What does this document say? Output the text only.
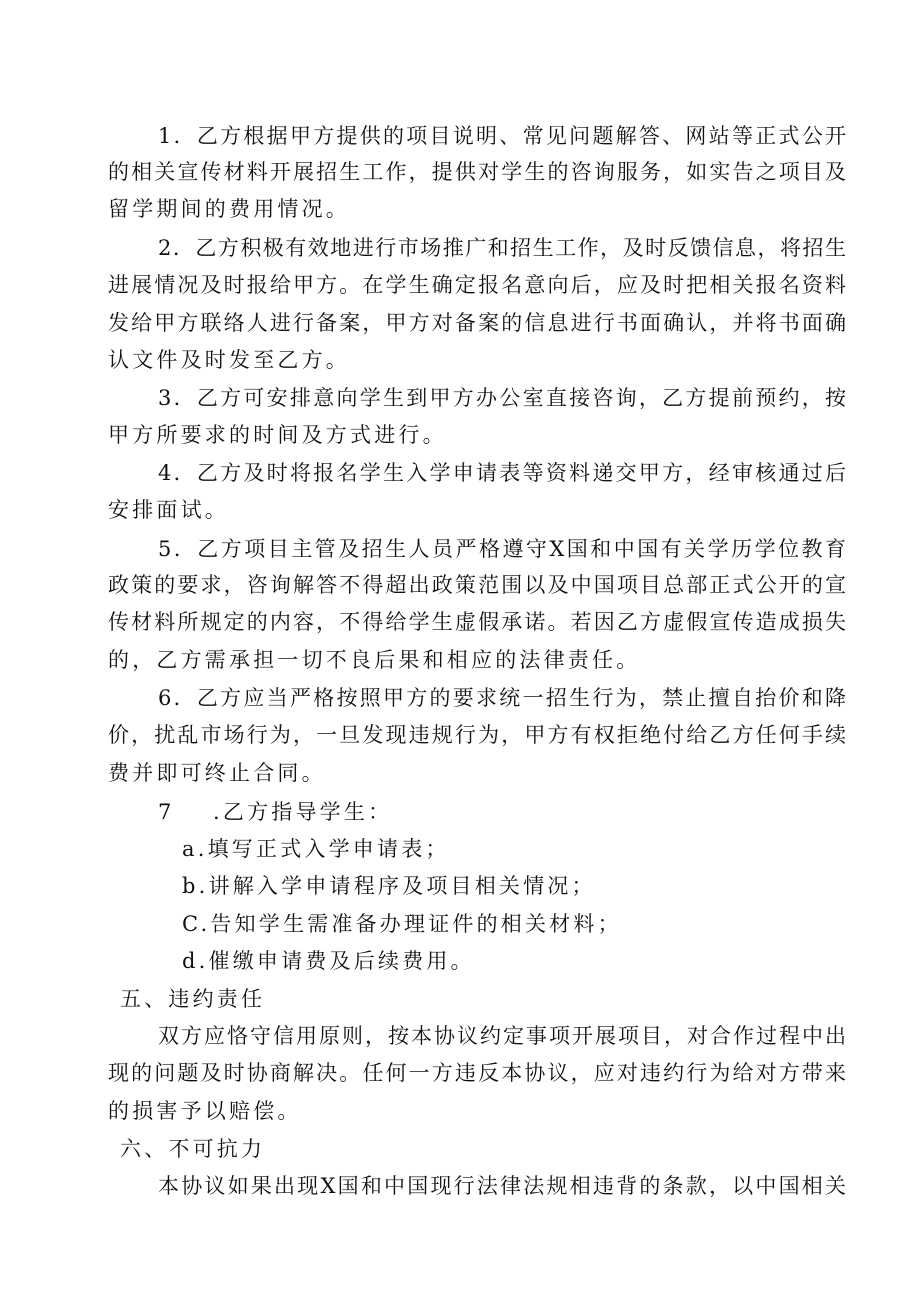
1．乙方根据甲方提供的项目说明、常见问题解答、网站等正式公开
的相关宣传材料开展招生工作，提供对学生的咨询服务，如实告之项目及
留学期间的费用情况。
2．乙方积极有效地进行市场推广和招生工作，及时反馈信息，将招生
进展情况及时报给甲方。在学生确定报名意向后，应及时把相关报名资料
发给甲方联络人进行备案，甲方对备案的信息进行书面确认，并将书面确
认文件及时发至乙方。
3．乙方可安排意向学生到甲方办公室直接咨询，乙方提前预约，按
甲方所要求的时间及方式进行。
4．乙方及时将报名学生入学申请表等资料递交甲方，经审核通过后
安排面试。
5．乙方项目主管及招生人员严格遵守X国和中国有关学历学位教育
政策的要求，咨询解答不得超出政策范围以及中国项目总部正式公开的宣
传材料所规定的内容，不得给学生虚假承诺。若因乙方虚假宣传造成损失
的，乙方需承担一切不良后果和相应的法律责任。
6．乙方应当严格按照甲方的要求统一招生行为，禁止擅自抬价和降
价，扰乱市场行为，一旦发现违规行为，甲方有权拒绝付给乙方任何手续
费并即可终止合同。
7 .乙方指导学生：
a.填写正式入学申请表；
b.讲解入学申请程序及项目相关情况；
C.告知学生需准备办理证件的相关材料；
d.催缴申请费及后续费用。
五、违约责任
双方应恪守信用原则，按本协议约定事项开展项目，对合作过程中出
现的问题及时协商解决。任何一方违反本协议，应对违约行为给对方带来
的损害予以赔偿。
六、不可抗力
本协议如果出现X国和中国现行法律法规相违背的条款，以中国相关
